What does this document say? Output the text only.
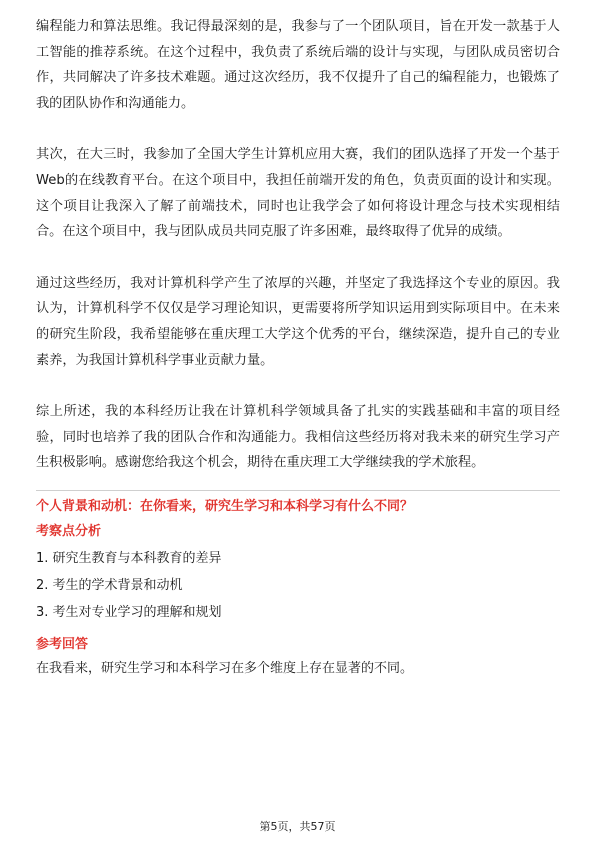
编程能力和算法思维。我记得最深刻的是，我参与了一个团队项目，旨在开发一款基于人工智能的推荐系统。在这个过程中，我负责了系统后端的设计与实现，与团队成员密切合作，共同解决了许多技术难题。通过这次经历，我不仅提升了自己的编程能力，也锻炼了我的团队协作和沟通能力。

其次，在大三时，我参加了全国大学生计算机应用大赛，我们的团队选择了开发一个基于Web的在线教育平台。在这个项目中，我担任前端开发的角色，负责页面的设计和实现。这个项目让我深入了解了前端技术，同时也让我学会了如何将设计理念与技术实现相结合。在这个项目中，我与团队成员共同克服了许多困难，最终取得了优异的成绩。

通过这些经历，我对计算机科学产生了浓厚的兴趣，并坚定了我选择这个专业的原因。我认为，计算机科学不仅仅是学习理论知识，更需要将所学知识运用到实际项目中。在未来的研究生阶段，我希望能够在重庆理工大学这个优秀的平台，继续深造，提升自己的专业素养，为我国计算机科学事业贡献力量。

综上所述，我的本科经历让我在计算机科学领域具备了扎实的实践基础和丰富的项目经验，同时也培养了我的团队合作和沟通能力。我相信这些经历将对我未来的研究生学习产生积极影响。感谢您给我这个机会，期待在重庆理工大学继续我的学术旅程。

个人背景和动机：在你看来，研究生学习和本科学习有什么不同？

考察点分析

1. 研究生教育与本科教育的差异
2. 考生的学术背景和动机
3. 考生对专业学习的理解和规划

参考回答

在我看来，研究生学习和本科学习在多个维度上存在显著的不同。

第5页，共57页
